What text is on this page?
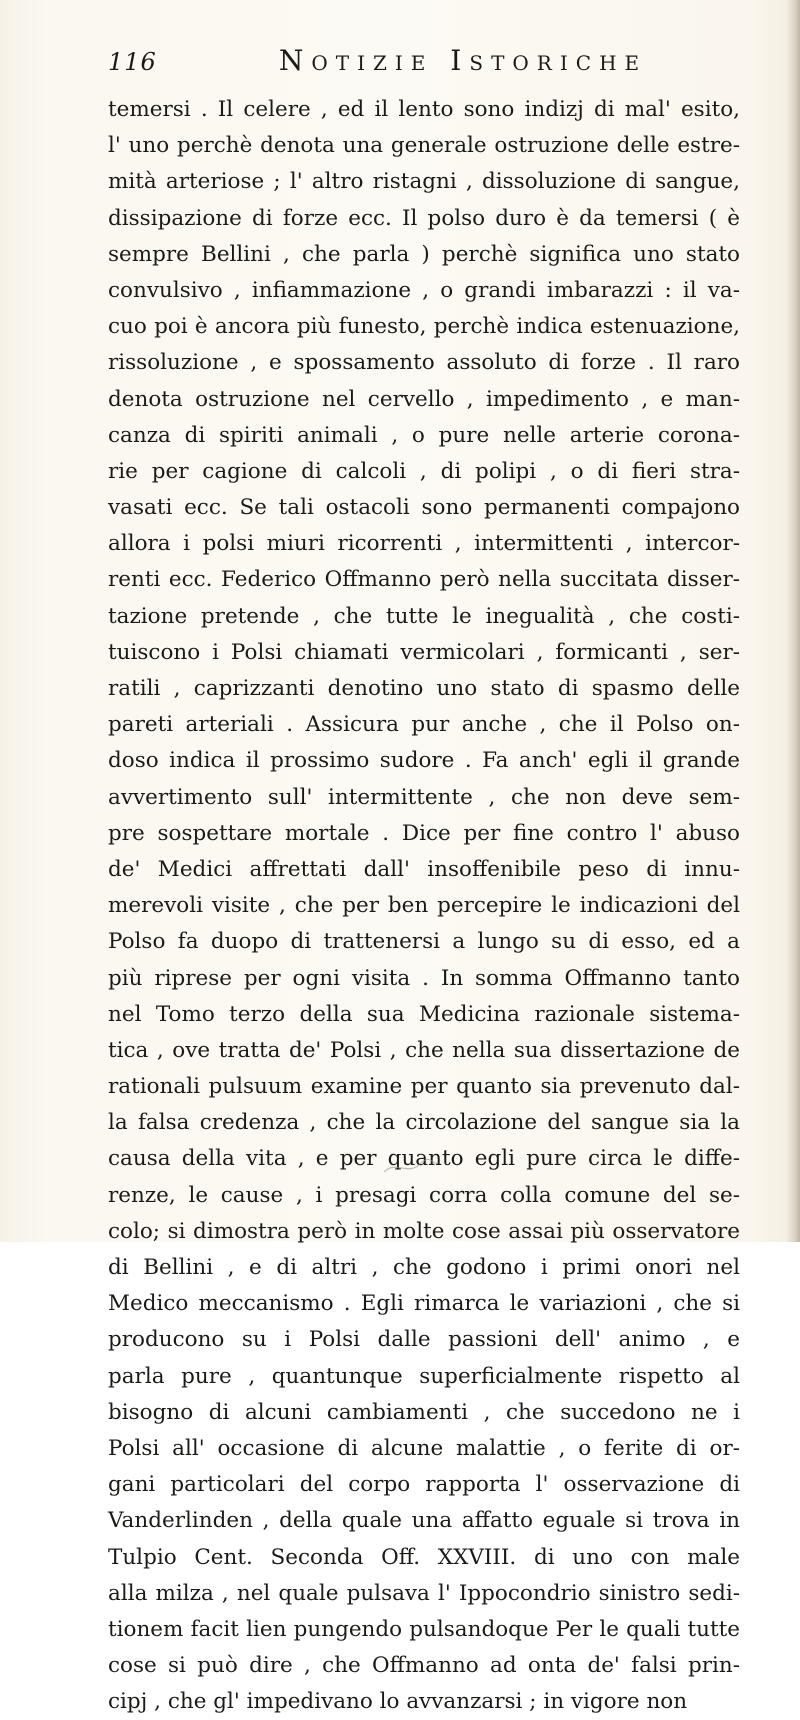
116	Notizie Istoriche
temersi . Il celere , ed il lento sono indizj di mal' esito,
l' uno perchè denota una generale ostruzione delle estre-
mità arteriose ; l' altro ristagni , dissoluzione di sangue,
dissipazione di forze ecc. Il polso duro è da temersi ( è
sempre Bellini , che parla ) perchè significa uno stato
convulsivo , infiammazione , o grandi imbarazzi : il va-
cuo poi è ancora più funesto, perchè indica estenuazione,
rissoluzione , e spossamento assoluto di forze . Il raro
denota ostruzione nel cervello , impedimento , e man-
canza di spiriti animali , o pure nelle arterie corona-
rie per cagione di calcoli , di polipi , o di fieri stra-
vasati ecc. Se tali ostacoli sono permanenti compajono
allora i polsi miuri ricorrenti , intermittenti , intercor-
renti ecc. Federico Offmanno però nella succitata disser-
tazione pretende , che tutte le inegualità , che costi-
tuiscono i Polsi chiamati vermicolari , formicanti , ser-
ratili , caprizzanti denotino uno stato di spasmo delle
pareti arteriali . Assicura pur anche , che il Polso on-
doso indica il prossimo sudore . Fa anch' egli il grande
avvertimento sull' intermittente , che non deve sem-
pre sospettare mortale . Dice per fine contro l' abuso
de' Medici affrettati dall' insoffenibile peso di innu-
merevoli visite , che per ben percepire le indicazioni del
Polso fa duopo di trattenersi a lungo su di esso, ed a
più riprese per ogni visita . In somma Offmanno tanto
nel Tomo terzo della sua Medicina razionale sistema-
tica , ove tratta de' Polsi , che nella sua dissertazione de
rationali pulsuum examine per quanto sia prevenuto dal-
la falsa credenza , che la circolazione del sangue sia la
causa della vita , e per quanto egli pure circa le diffe-
renze, le cause , i presagi corra colla comune del se-
colo; si dimostra però in molte cose assai più osservatore
di Bellini , e di altri , che godono i primi onori nel
Medico meccanismo . Egli rimarca le variazioni , che si
producono su i Polsi dalle passioni dell' animo , e
parla pure , quantunque superficialmente rispetto al
bisogno di alcuni cambiamenti , che succedono ne i
Polsi all' occasione di alcune malattie , o ferite di or-
gani particolari del corpo rapporta l' osservazione di
Vanderlinden , della quale una affatto eguale si trova in
Tulpio Cent. Seconda Off. XXVIII. di uno con male
alla milza , nel quale pulsava l' Ippocondrio sinistro sedi-
tionem facit lien pungendo pulsandoque Per le quali tutte
cose si può dire , che Offmanno ad onta de' falsi prin-
cipj , che gl' impedivano lo avvanzarsi ; in vigore non
